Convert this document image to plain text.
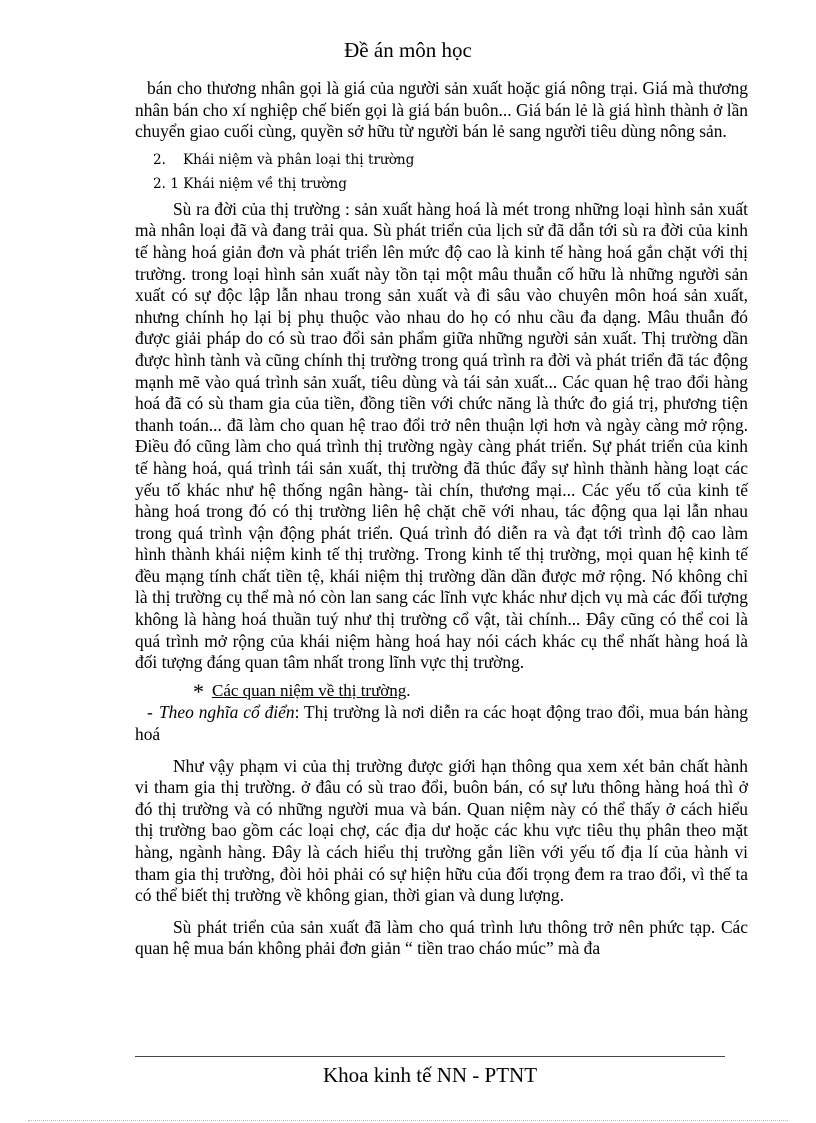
Đề án môn học

bán cho thương nhân gọi là giá của người sản xuất hoặc giá nông trại. Giá mà thương nhân bán cho xí nghiệp chế biến gọi là giá bán buôn... Giá bán lẻ là giá hình thành ở lần chuyển giao cuối cùng, quyền sở hữu từ người bán lẻ sang người tiêu dùng nông sản.

2. Khái niệm và phân loại thị trường
2. 1 Khái niệm về thị trường

Sù ra đời của thị trường : sản xuất hàng hoá là mét trong những loại hình sản xuất mà nhân loại đã và đang trải qua. Sù phát triển của lịch sử đã dẫn tới sù ra đời của kinh tế hàng hoá giản đơn và phát triển lên mức độ cao là kinh tế hàng hoá gắn chặt với thị trường. trong loại hình sản xuất này tồn tại một mâu thuẫn cố hữu là những người sản xuất có sự độc lập lẫn nhau trong sản xuất và đi sâu vào chuyên môn hoá sản xuất, nhưng chính họ lại bị phụ thuộc vào nhau do họ có nhu cầu đa dạng. Mâu thuẫn đó được giải pháp do có sù trao đổi sản phẩm giữa những người sản xuất. Thị trường dần được hình tành và cũng chính thị trường trong quá trình ra đời và phát triển đã tác động mạnh mẽ vào quá trình sản xuất, tiêu dùng và tái sản xuất... Các quan hệ trao đổi hàng hoá đã có sù tham gia của tiền, đồng tiền với chức năng là thức đo giá trị, phương tiện thanh toán... đã làm cho quan hệ trao đổi trở nên thuận lợi hơn và ngày càng mở rộng. Điều đó cũng làm cho quá trình thị trường ngày càng phát triển. Sự phát triển của kinh tế hàng hoá, quá trình tái sản xuất, thị trường đã thúc đẩy sự hình thành hàng loạt các yếu tố khác như hệ thống ngân hàng- tài chín, thương mại... Các yếu tố của kinh tế hàng hoá trong đó có thị trường liên hệ chặt chẽ với nhau, tác động qua lại lẫn nhau trong quá trình vận động phát triển. Quá trình đó diễn ra và đạt tới trình độ cao làm hình thành khái niệm kinh tế thị trường. Trong kinh tế thị trường, mọi quan hệ kinh tế đều mạng tính chất tiền tệ, khái niệm thị trường dần dần được mở rộng. Nó không chỉ là thị trường cụ thể mà nó còn lan sang các lĩnh vực khác như dịch vụ mà các đối tượng không là hàng hoá thuần tuý như thị trường cổ vật, tài chính... Đây cũng có thể coi là quá trình mở rộng của khái niệm hàng hoá hay nói cách khác cụ thể nhất hàng hoá là đối tượng đáng quan tâm nhất trong lĩnh vực thị trường.

* Các quan niệm về thị trường.

- Theo nghĩa cổ điển: Thị trường là nơi diễn ra các hoạt động trao đổi, mua bán hàng hoá

Như vậy phạm vi của thị trường được giới hạn thông qua xem xét bản chất hành vi tham gia thị trường. ở đâu có sù trao đổi, buôn bán, có sự lưu thông hàng hoá thì ở đó thị trường và có những người mua và bán. Quan niệm này có thể thấy ở cách hiểu thị trường bao gồm các loại chợ, các địa dư hoặc các khu vực tiêu thụ phân theo mặt hàng, ngành hàng. Đây là cách hiểu thị trường gắn liền với yếu tố địa lí của hành vi tham gia thị trường, đòi hỏi phải có sự hiện hữu của đối trọng đem ra trao đổi, vì thế ta có thể biết thị trường về không gian, thời gian và dung lượng.

Sù phát triển của sản xuất đã làm cho quá trình lưu thông trở nên phức tạp. Các quan hệ mua bán không phải đơn giản “ tiền trao cháo múc” mà đa

Khoa kinh tế NN - PTNT
